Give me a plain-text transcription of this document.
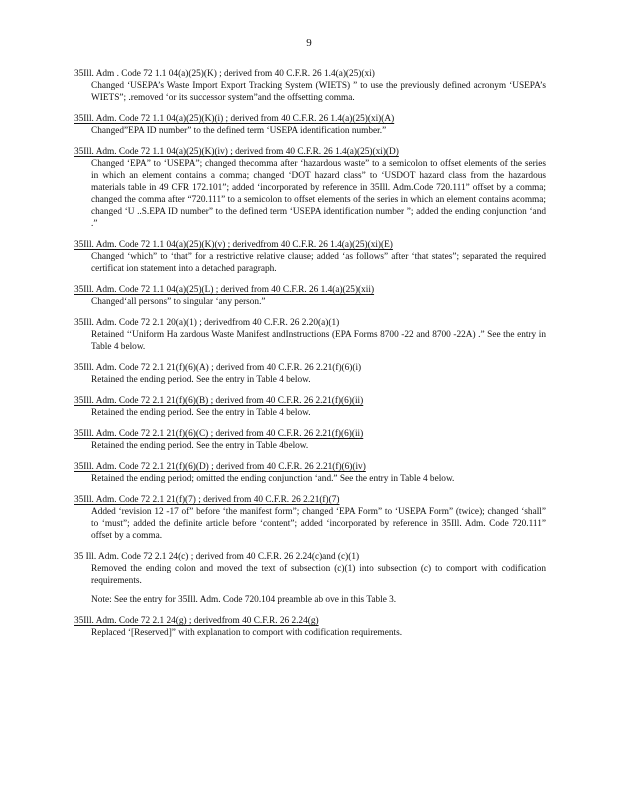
9
35Ill. Adm . Code 72 1.1 04(a)(25)(K) ; derived from 40 C.F.R. 26 1.4(a)(25)(xi)
Changed ‘USEPA’s Waste Import Export Tracking System (WIETS) ” to use the previously defined acronym ‘USEPA’s WIETS”; .removed ‘or its successor system”and the offsetting comma.
35Ill. Adm. Code 72 1.1 04(a)(25)(K)(i) ; derived from 40 C.F.R. 26 1.4(a)(25)(xi)(A)
Changed”EPA ID number” to the defined term ‘USEPA identification number.”
35Ill. Adm. Code 72 1.1 04(a)(25)(K)(iv) ; derived from 40 C.F.R. 26 1.4(a)(25)(xi)(D)
Changed ‘EPA” to ‘USEPA”; changed thecomma after ‘hazardous waste” to a semicolon to offset elements of the series in which an element contains a comma; changed ‘DOT hazard class” to ‘USDOT hazard class from the hazardous materials table in 49 CFR 172.101”; added ‘incorporated by reference in 35Ill. Adm.Code 720.111” offset by a comma; changed the comma after “720.111” to a semicolon to offset elements of the series in which an element contains acomma; changed ‘U ..S.EPA ID number” to the defined term ‘USEPA identification number ”; added the ending conjunction ‘and .”
35Ill. Adm. Code 72 1.1 04(a)(25)(K)(v) ; derivedfrom 40 C.F.R. 26 1.4(a)(25)(xi)(E)
Changed ‘which” to ‘that” for a restrictive relative clause; added ‘as follows” after ‘that states”; separated the required certificat ion statement into a detached paragraph.
35Ill. Adm. Code 72 1.1 04(a)(25)(L) ; derived from 40 C.F.R. 26 1.4(a)(25)(xii)
Changed‘all persons” to singular ‘any person.”
35Ill. Adm. Code 72 2.1 20(a)(1) ; derivedfrom 40 C.F.R. 26 2.20(a)(1)
Retained ‘‘Uniform Ha zardous Waste Manifest andInstructions (EPA Forms 8700 -22 and 8700 -22A) .” See the entry in Table 4 below.
35Ill. Adm. Code 72 2.1 21(f)(6)(A) ; derived from 40 C.F.R. 26 2.21(f)(6)(i)
Retained the ending period. See the entry in Table 4 below.
35Ill. Adm. Code 72 2.1 21(f)(6)(B) ; derived from 40 C.F.R. 26 2.21(f)(6)(ii)
Retained the ending period. See the entry in Table 4 below.
35Ill. Adm. Code 72 2.1 21(f)(6)(C) ; derived from 40 C.F.R. 26 2.21(f)(6)(ii)
Retained the ending period. See the entry in Table 4below.
35Ill. Adm. Code 72 2.1 21(f)(6)(D) ; derived from 40 C.F.R. 26 2.21(f)(6)(iv)
Retained the ending period; omitted the ending conjunction ‘and.” See the entry in Table 4 below.
35Ill. Adm. Code 72 2.1 21(f)(7) ; derived from 40 C.F.R. 26 2.21(f)(7)
Added ‘revision 12 -17 of” before ‘the manifest form”; changed ‘EPA Form” to ‘USEPA Form” (twice); changed ‘shall” to ‘must”; added the definite article before ‘content”; added ‘incorporated by reference in 35Ill. Adm. Code 720.111” offset by a comma.
35 Ill. Adm. Code 72 2.1 24(c) ; derived from 40 C.F.R. 26 2.24(c)and (c)(1)
Removed the ending colon and moved the text of subsection (c)(1) into subsection (c) to comport with codification requirements.
Note: See the entry for 35Ill. Adm. Code 720.104 preamble ab ove in this Table 3.
35Ill. Adm. Code 72 2.1 24(g) ; derivedfrom 40 C.F.R. 26 2.24(g)
Replaced ‘[Reserved]” with explanation to comport with codification requirements.
